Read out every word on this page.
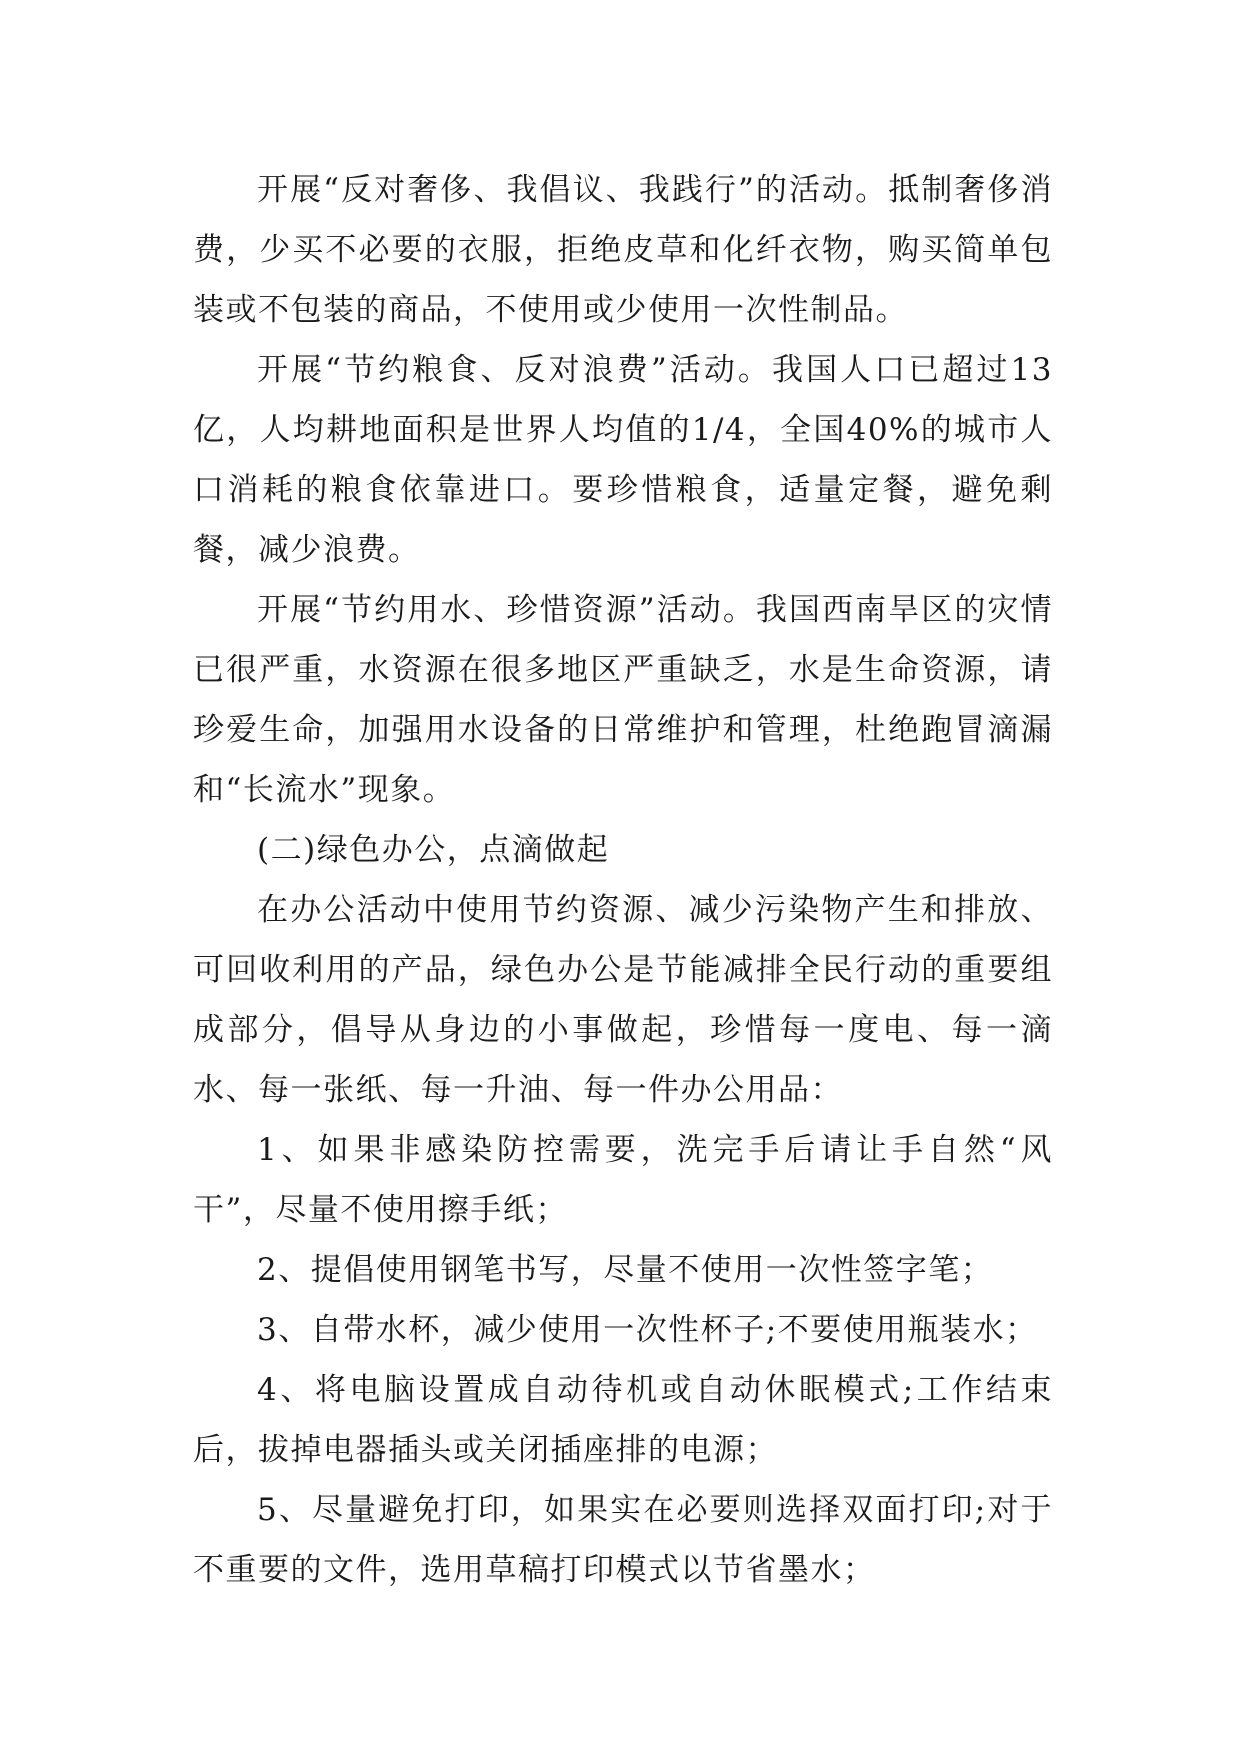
开展“反对奢侈、我倡议、我践行”的活动。抵制奢侈消费，少买不必要的衣服，拒绝皮草和化纤衣物，购买简单包装或不包装的商品，不使用或少使用一次性制品。

开展“节约粮食、反对浪费”活动。我国人口已超过13亿，人均耕地面积是世界人均值的1/4，全国40%的城市人口消耗的粮食依靠进口。要珍惜粮食，适量定餐，避免剩餐，减少浪费。

开展“节约用水、珍惜资源”活动。我国西南旱区的灾情已很严重，水资源在很多地区严重缺乏，水是生命资源，请珍爱生命，加强用水设备的日常维护和管理，杜绝跑冒滴漏和“长流水”现象。

(二)绿色办公，点滴做起

在办公活动中使用节约资源、减少污染物产生和排放、可回收利用的产品，绿色办公是节能减排全民行动的重要组成部分，倡导从身边的小事做起，珍惜每一度电、每一滴水、每一张纸、每一升油、每一件办公用品：

1、如果非感染防控需要，洗完手后请让手自然“风干”，尽量不使用擦手纸；

2、提倡使用钢笔书写，尽量不使用一次性签字笔；

3、自带水杯，减少使用一次性杯子;不要使用瓶装水；

4、将电脑设置成自动待机或自动休眠模式;工作结束后，拔掉电器插头或关闭插座排的电源；

5、尽量避免打印，如果实在必要则选择双面打印;对于不重要的文件，选用草稿打印模式以节省墨水；
